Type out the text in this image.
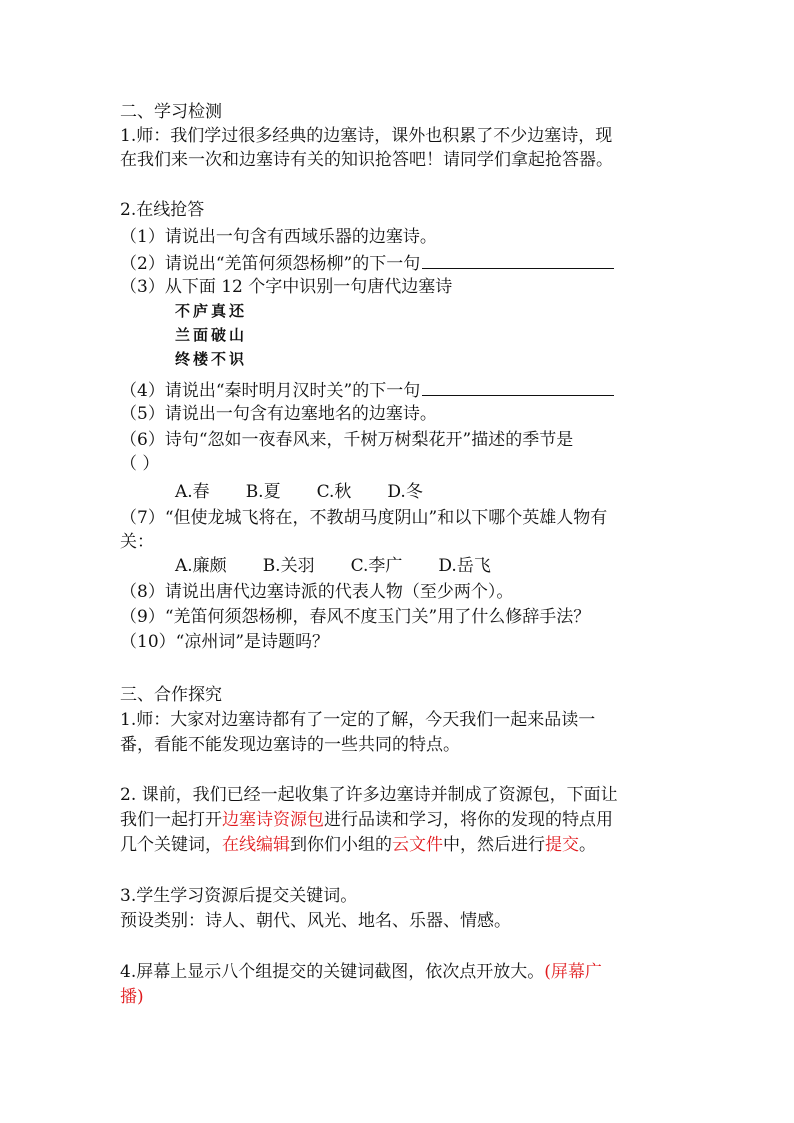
二、学习检测
1.师：我们学过很多经典的边塞诗，课外也积累了不少边塞诗，现
在我们来一次和边塞诗有关的知识抢答吧！请同学们拿起抢答器。
2.在线抢答
（1）请说出一句含有西域乐器的边塞诗。
（2）请说出“羌笛何须怨杨柳”的下一句
（3）从下面 12 个字中识别一句唐代边塞诗
不庐真还
兰面破山
终楼不识
（4）请说出“秦时明月汉时关”的下一句
（5）请说出一句含有边塞地名的边塞诗。
（6）诗句“忽如一夜春风来，千树万树梨花开”描述的季节是
（ ）
A.春 B.夏 C.秋 D.冬
（7）“但使龙城飞将在，不教胡马度阴山”和以下哪个英雄人物有
关：
A.廉颇 B.关羽 C.李广 D.岳飞
（8）请说出唐代边塞诗派的代表人物（至少两个）。
（9）“羌笛何须怨杨柳，春风不度玉门关”用了什么修辞手法？
（10）“凉州词”是诗题吗？
三、合作探究
1.师：大家对边塞诗都有了一定的了解，今天我们一起来品读一
番，看能不能发现边塞诗的一些共同的特点。
2. 课前，我们已经一起收集了许多边塞诗并制成了资源包，下面让
我们一起打开边塞诗资源包进行品读和学习，将你的发现的特点用
几个关键词，在线编辑到你们小组的云文件中，然后进行提交。
3.学生学习资源后提交关键词。
预设类别：诗人、朝代、风光、地名、乐器、情感。
4.屏幕上显示八个组提交的关键词截图，依次点开放大。(屏幕广
播)
